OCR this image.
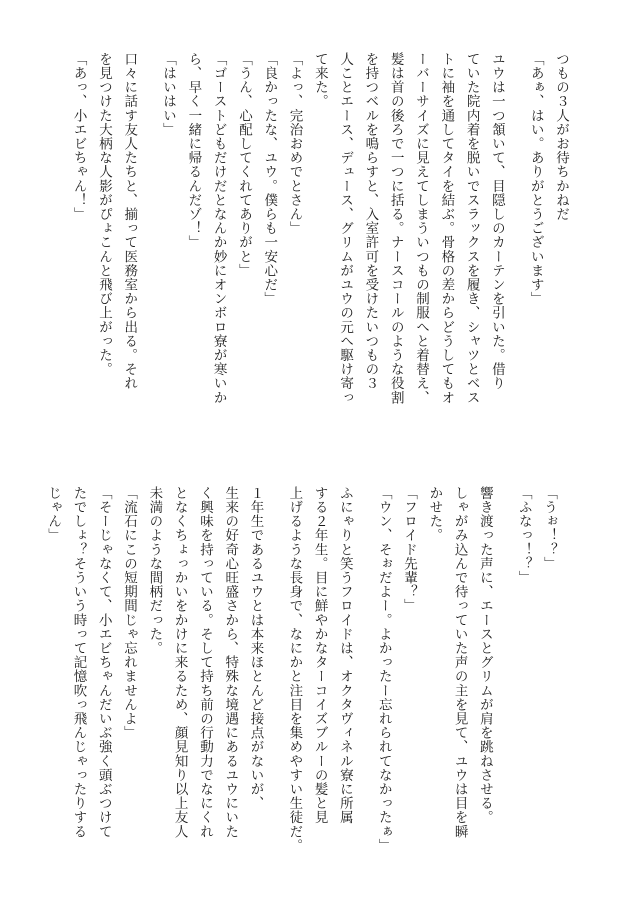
つもの３人がお待ちかねだ
「あぁ、はい。ありがとうございます」
ユウは一つ頷いて、目隠しのカーテンを引いた。借り
ていた院内着を脱いでスラックスを履き、シャツとベス
トに袖を通してタイを結ぶ。骨格の差からどうしてもオ
ーバーサイズに見えてしまういつもの制服へと着替え、
髪は首の後ろで一つに括る。ナースコールのような役割
を持つベルを鳴らすと、入室許可を受けたいつもの３
人ことエース、デュース、グリムがユウの元へ駆け寄っ
て来た。
「よっ、完治おめでとさん」
「良かったな、ユウ。僕らも一安心だ」
「うん、心配してくれてありがと」
「ゴーストどもだけだとなんか妙にオンボロ寮が寒いか
ら、早く一緒に帰るんだゾ！」
「はいはい」
口々に話す友人たちと、揃って医務室から出る。それ
を見つけた大柄な人影がぴょこんと飛び上がった。
「あっ、小エビちゃん！」
「うぉ！？」
「ふなっ！？」
響き渡った声に、エースとグリムが肩を跳ねさせる。
しゃがみ込んで待っていた声の主を見て、ユウは目を瞬
かせた。
「フロイド先輩？」
「ウン、そぉだよー。よかったー忘れられてなかったぁ」
ふにゃりと笑うフロイドは、オクタヴィネル寮に所属
する２年生。目に鮮やかなターコイズブルーの髪と見
上げるような長身で、なにかと注目を集めやすい生徒だ。
１年生であるユウとは本来ほとんど接点がないが、
生来の好奇心旺盛さから、特殊な境遇にあるユウにいた
く興味を持っている。そして持ち前の行動力でなにくれ
となくちょっかいをかけに来るため、顔見知り以上友人
未満のような間柄だった。
「流石にこの短期間じゃ忘れませんよ」
「そーじゃなくて、小エビちゃんだいぶ強く頭ぶつけて
たでしょ？そういう時って記憶吹っ飛んじゃったりする
じゃん」
